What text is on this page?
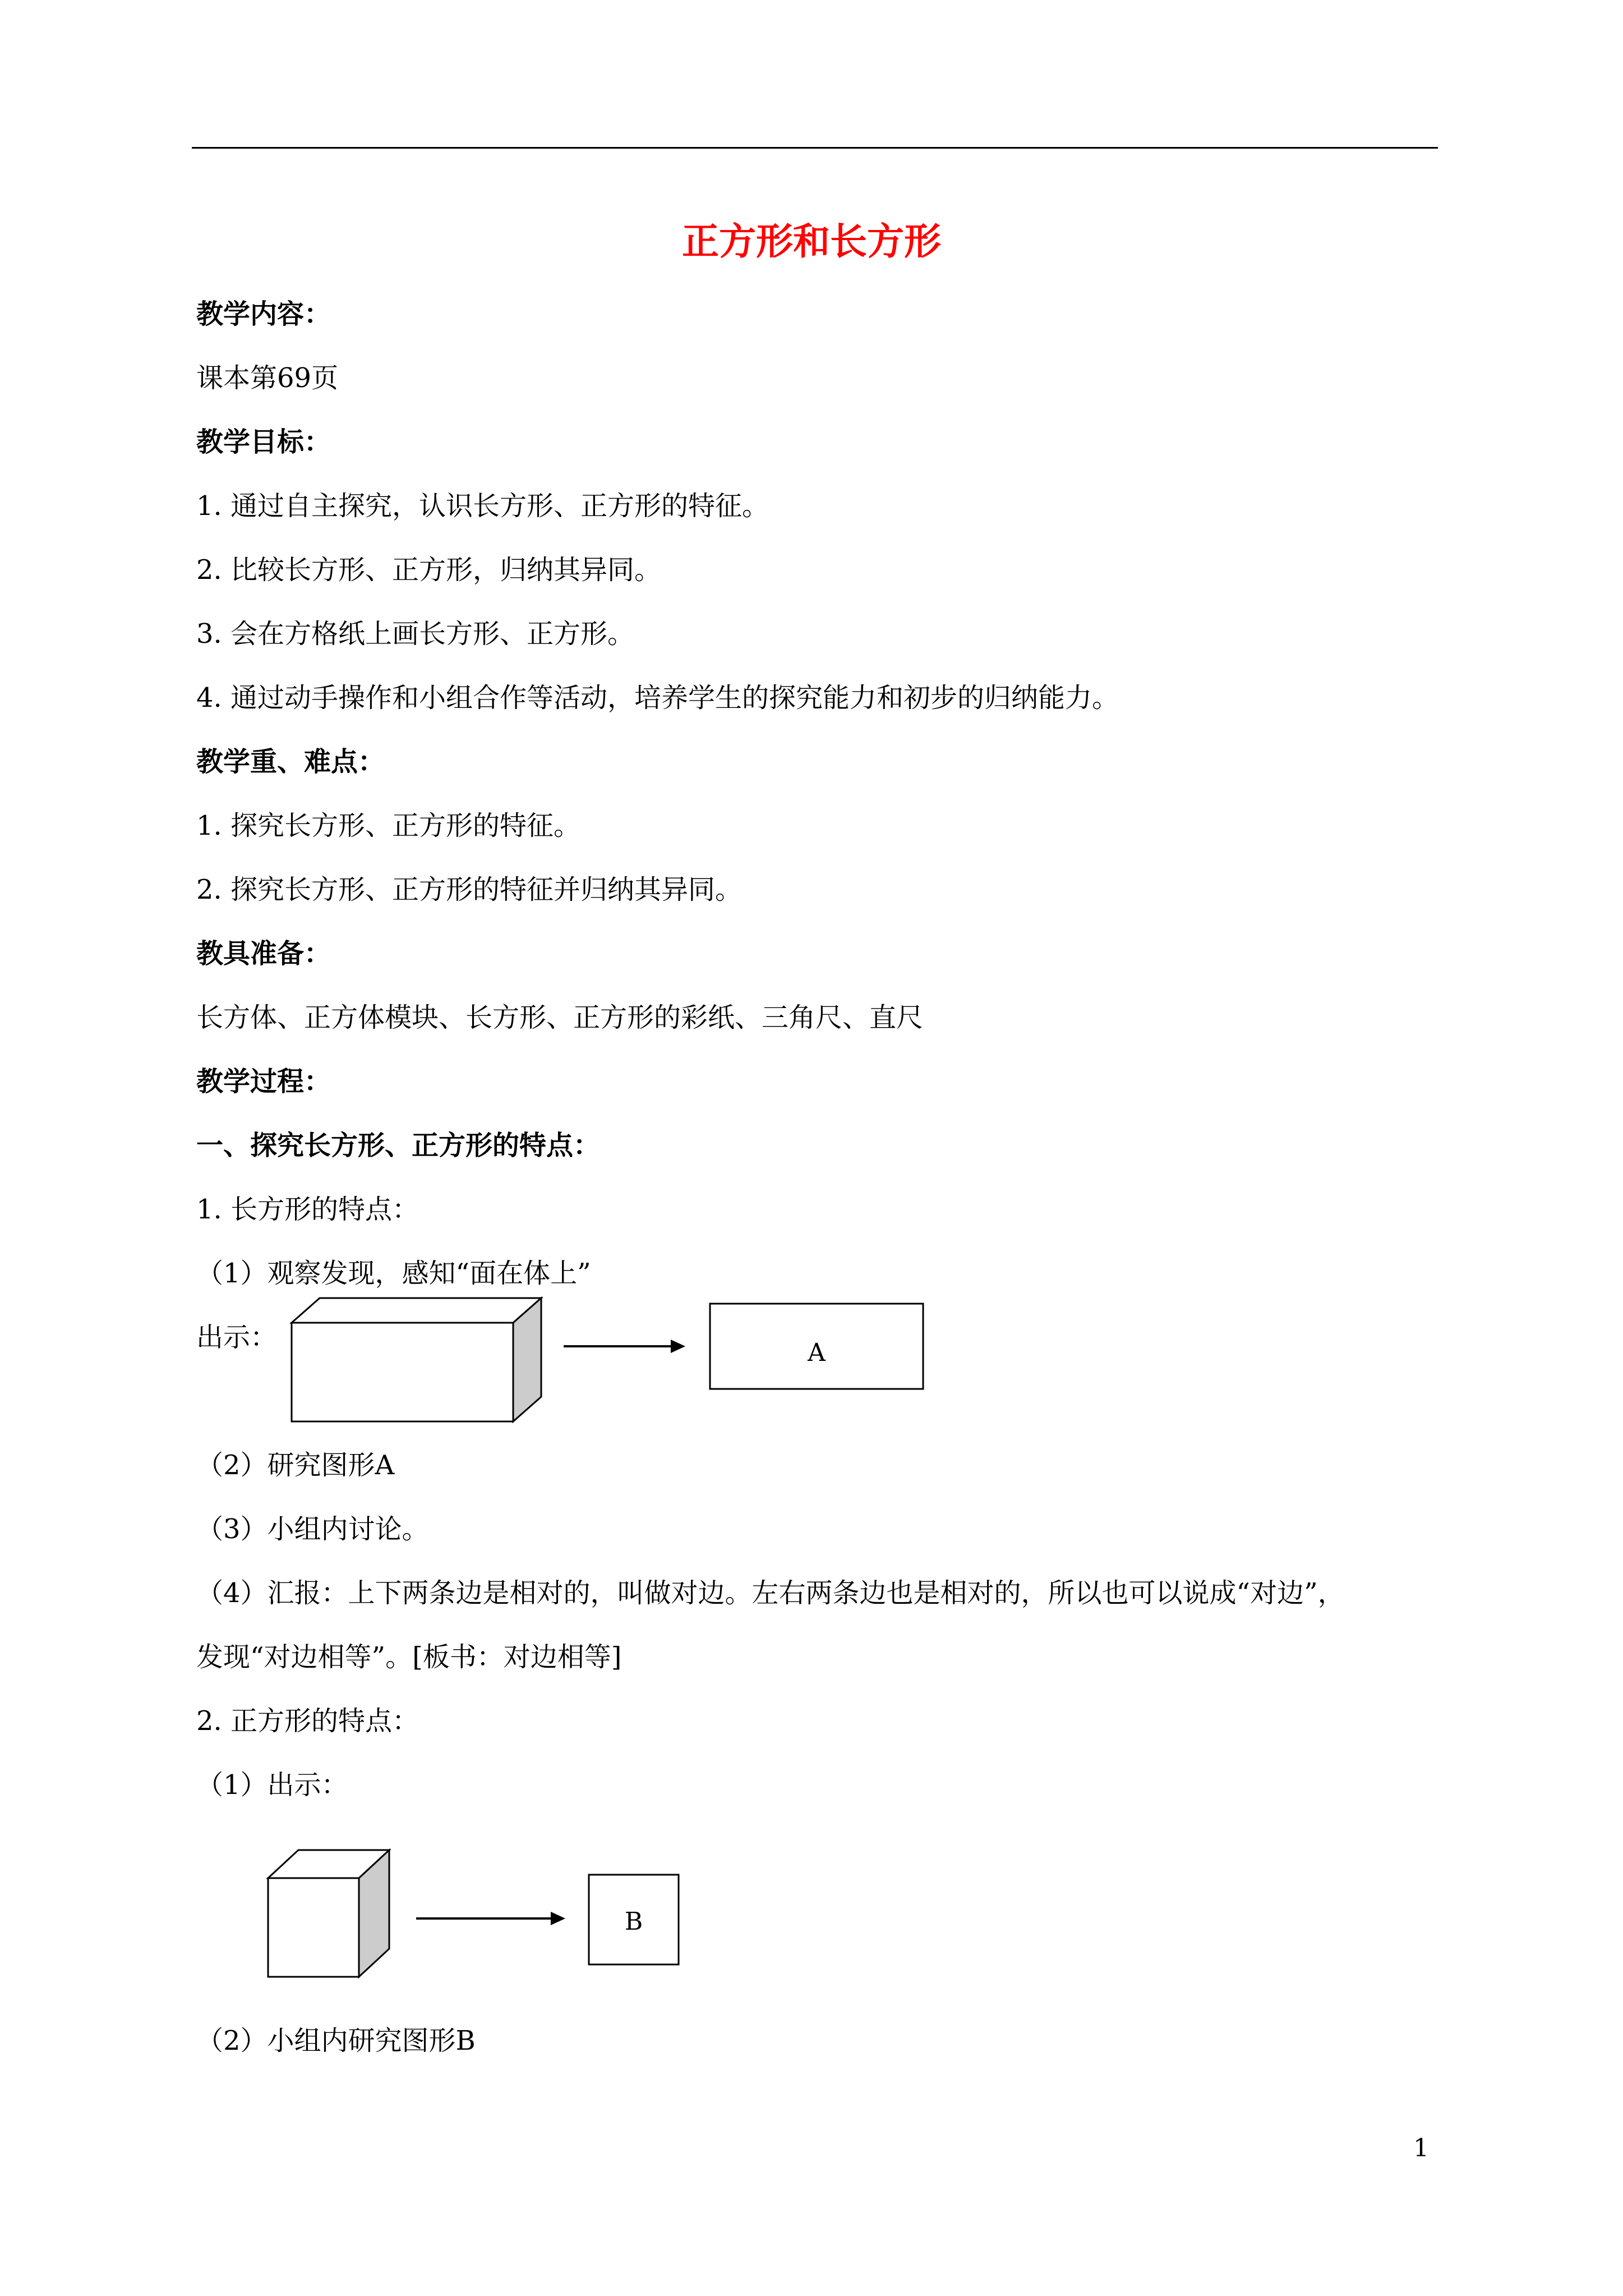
正方形和长方形
教学内容：
课本第69页
教学目标：
1. 通过自主探究，认识长方形、正方形的特征。
2. 比较长方形、正方形，归纳其异同。
3. 会在方格纸上画长方形、正方形。
4. 通过动手操作和小组合作等活动，培养学生的探究能力和初步的归纳能力。
教学重、难点：
1. 探究长方形、正方形的特征。
2. 探究长方形、正方形的特征并归纳其异同。
教具准备：
长方体、正方体模块、长方形、正方形的彩纸、三角尺、直尺
教学过程：
一、探究长方形、正方形的特点：
1. 长方形的特点：
（1）观察发现，感知“面在体上”
出示：	A
（2）研究图形A
（3）小组内讨论。
（4）汇报：上下两条边是相对的，叫做对边。左右两条边也是相对的，所以也可以说成“对边”，
发现“对边相等”。[板书：对边相等]
2. 正方形的特点：
（1）出示：
B
（2）小组内研究图形B
1
